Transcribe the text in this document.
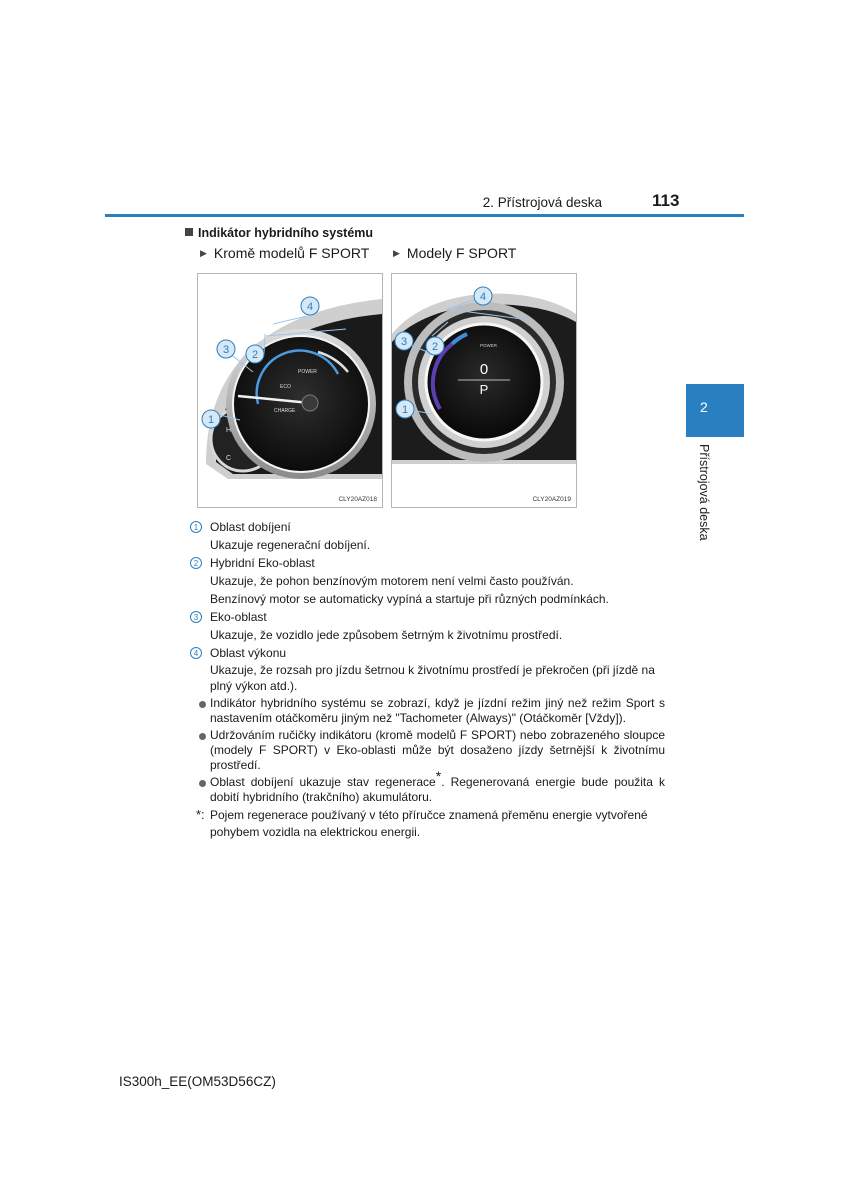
2. Přístrojová deska	113
2
Přístrojová deska
Indikátor hybridního systému
▶ Kromě modelů F SPORT	▶ Modely F SPORT
H
C
POWER
ECO
CHARGE
1
2
3
4
CLY20AZ018
POWER
0
P
1
2
3
4
CLY20AZ019
1 Oblast dobíjení
Ukazuje regenerační dobíjení.
2 Hybridní Eko-oblast
Ukazuje, že pohon benzínovým motorem není velmi často používán.
Benzínový motor se automaticky vypíná a startuje při různých podmínkách.
3 Eko-oblast
Ukazuje, že vozidlo jede způsobem šetrným k životnímu prostředí.
4 Oblast výkonu
Ukazuje, že rozsah pro jízdu šetrnou k životnímu prostředí je překročen (při jízdě na plný výkon atd.).
Indikátor hybridního systému se zobrazí, když je jízdní režim jiný než režim Sport s nastavením otáčkoměru jiným než "Tachometer (Always)" (Otáčkoměr [Vždy]).
Udržováním ručičky indikátoru (kromě modelů F SPORT) nebo zobrazeného sloupce (modely F SPORT) v Eko-oblasti může být dosaženo jízdy šetrnější k životnímu prostředí.
Oblast dobíjení ukazuje stav regenerace*. Regenerovaná energie bude použita k dobití hybridního (trakčního) akumulátoru.
*: Pojem regenerace používaný v této příručce znamená přeměnu energie vytvořené pohybem vozidla na elektrickou energii.
IS300h_EE(OM53D56CZ)
